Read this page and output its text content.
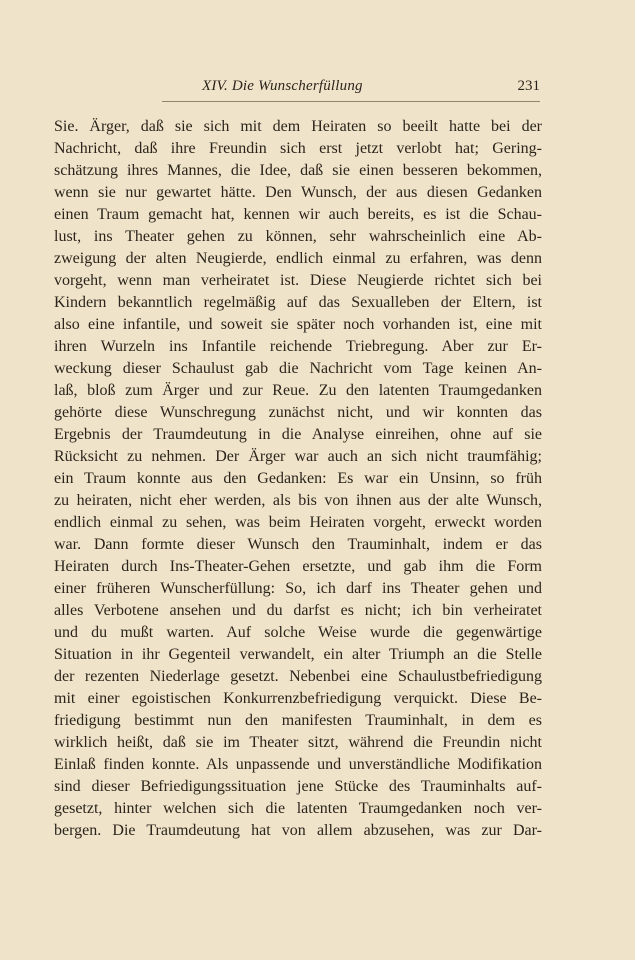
XIV. Die Wunscherfüllung	231
Sie. Ärger, daß sie sich mit dem Heiraten so beeilt hatte bei der
Nachricht, daß ihre Freundin sich erst jetzt verlobt hat; Gering-
schätzung ihres Mannes, die Idee, daß sie einen besseren bekommen,
wenn sie nur gewartet hätte. Den Wunsch, der aus diesen Gedanken
einen Traum gemacht hat, kennen wir auch bereits, es ist die Schau-
lust, ins Theater gehen zu können, sehr wahrscheinlich eine Ab-
zweigung der alten Neugierde, endlich einmal zu erfahren, was denn
vorgeht, wenn man verheiratet ist. Diese Neugierde richtet sich bei
Kindern bekanntlich regelmäßig auf das Sexualleben der Eltern, ist
also eine infantile, und soweit sie später noch vorhanden ist, eine mit
ihren Wurzeln ins Infantile reichende Triebregung. Aber zur Er-
weckung dieser Schaulust gab die Nachricht vom Tage keinen An-
laß, bloß zum Ärger und zur Reue. Zu den latenten Traumgedanken
gehörte diese Wunschregung zunächst nicht, und wir konnten das
Ergebnis der Traumdeutung in die Analyse einreihen, ohne auf sie
Rücksicht zu nehmen. Der Ärger war auch an sich nicht traumfähig;
ein Traum konnte aus den Gedanken: Es war ein Unsinn, so früh
zu heiraten, nicht eher werden, als bis von ihnen aus der alte Wunsch,
endlich einmal zu sehen, was beim Heiraten vorgeht, erweckt worden
war. Dann formte dieser Wunsch den Trauminhalt, indem er das
Heiraten durch Ins-Theater-Gehen ersetzte, und gab ihm die Form
einer früheren Wunscherfüllung: So, ich darf ins Theater gehen und
alles Verbotene ansehen und du darfst es nicht; ich bin verheiratet
und du mußt warten. Auf solche Weise wurde die gegenwärtige
Situation in ihr Gegenteil verwandelt, ein alter Triumph an die Stelle
der rezenten Niederlage gesetzt. Nebenbei eine Schaulustbefriedigung
mit einer egoistischen Konkurrenzbefriedigung verquickt. Diese Be-
friedigung bestimmt nun den manifesten Trauminhalt, in dem es
wirklich heißt, daß sie im Theater sitzt, während die Freundin nicht
Einlaß finden konnte. Als unpassende und unverständliche Modifikation
sind dieser Befriedigungssituation jene Stücke des Trauminhalts auf-
gesetzt, hinter welchen sich die latenten Traumgedanken noch ver-
bergen. Die Traumdeutung hat von allem abzusehen, was zur Dar-
